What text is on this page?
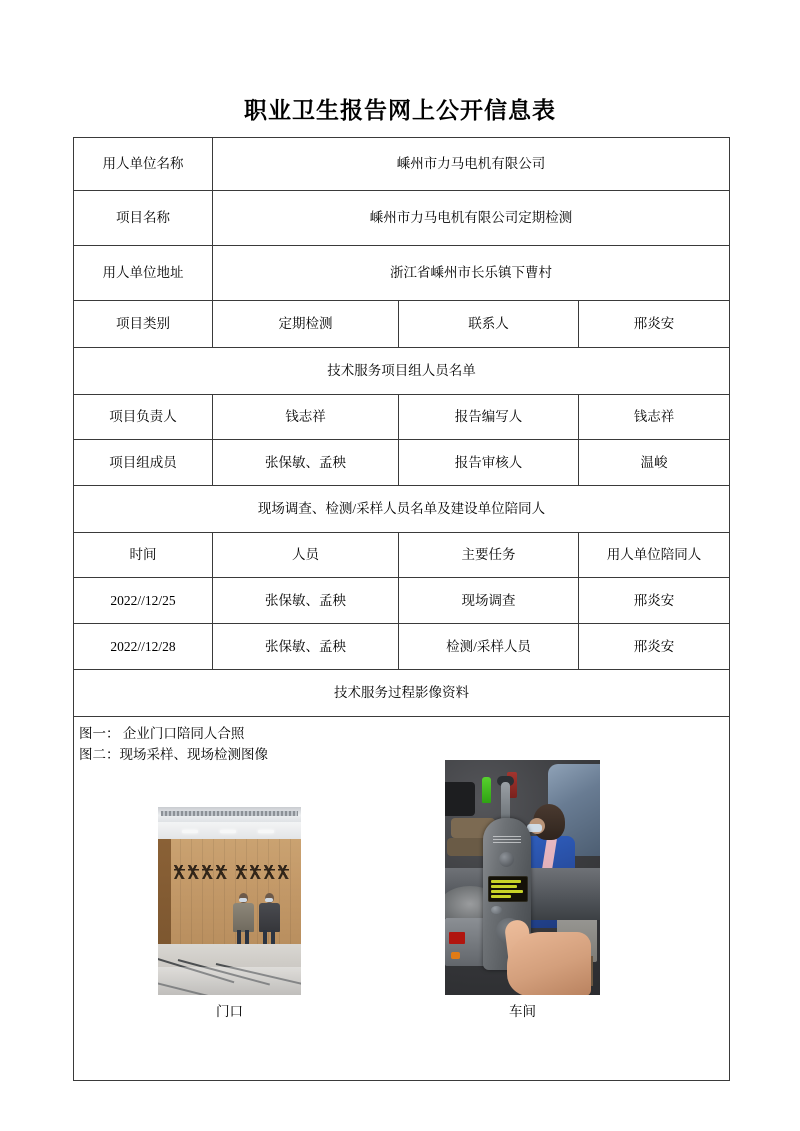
职业卫生报告网上公开信息表
用人单位名称	嵊州市力马电机有限公司		
项目名称	嵊州市力马电机有限公司定期检测		
用人单位地址	浙江省嵊州市长乐镇下曹村		
项目类别	定期检测	联系人	邢炎安
技术服务项目组人员名单			
项目负责人	钱志祥	报告编写人	钱志祥
项目组成员	张保敏、孟秧	报告审核人	温峻
现场调查、检测/采样人员名单及建设单位陪同人			
时间	人员	主要任务	用人单位陪同人
2022//12/25	张保敏、孟秧	现场调查	邢炎安
2022//12/28	张保敏、孟秧	检测/采样人员	邢炎安
技术服务过程影像资料			

图一： 企业门口陪同人合照
图二：现场采样、现场检测图像
门口 车间			
